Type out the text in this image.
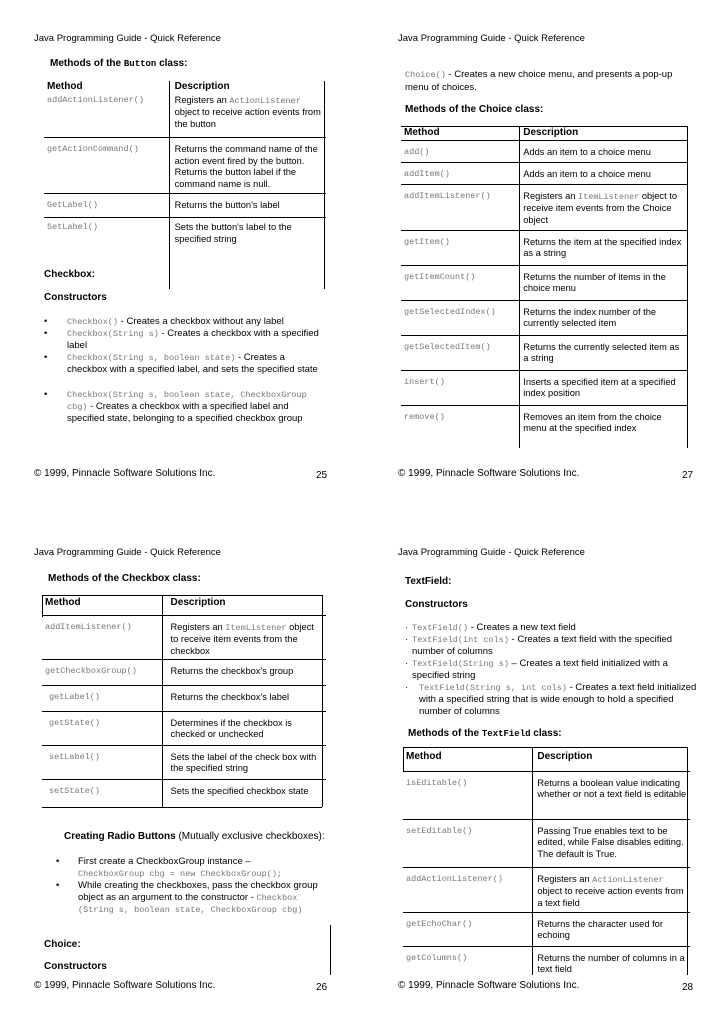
Java Programming Guide - Quick Reference
Methods of the Button class:
Method	Description
addActionListener()	Registers an ActionListener object to receive action events from the button
getActionCommand()	Returns the command name of the action event fired by the button. Returns the button label if the command name is null.
GetLabel()	Returns the button's label
SetLabel()	Sets the button's label to the specified string
Checkbox:
Constructors
• Checkbox() - Creates a checkbox without any label
• Checkbox(String s) - Creates a checkbox with a specified label
• Checkbox(String s, boolean state) - Creates a checkbox with a specified label, and sets the specified state
• Checkbox(String s, boolean state, CheckboxGroup cbg) - Creates a checkbox with a specified label and specified state, belonging to a specified checkbox group
© 1999, Pinnacle Software Solutions Inc.	25
Java Programming Guide - Quick Reference
Choice() - Creates a new choice menu, and presents a pop-up menu of choices.
Methods of the Choice class:
Method	Description
add()	Adds an item to a choice menu
addItem()	Adds an item to a choice menu
addItemListener()	Registers an ItemListener object to receive item events from the Choice object
getItem()	Returns the item at the specified index as a string
getItemCount()	Returns the number of items in the choice menu
getSelectedIndex()	Returns the index number of the currently selected item
getSelectedItem()	Returns the currently selected item as a string
insert()	Inserts a specified item at a specified index position
remove()	Removes an item from the choice menu at the specified index
© 1999, Pinnacle Software Solutions Inc.	27
Java Programming Guide - Quick Reference
Methods of the Checkbox class:
Method	Description
addItemListener()	Registers an ItemListener object to receive item events from the checkbox
getCheckboxGroup()	Returns the checkbox's group
getLabel()	Returns the checkbox's label
getState()	Determines if the checkbox is checked or unchecked
setLabel()	Sets the label of the check box with the specified string
setState()	Sets the specified checkbox state
Creating Radio Buttons (Mutually exclusive checkboxes):
• First create a CheckboxGroup instance –
CheckboxGroup cbg = new CheckboxGroup();
• While creating the checkboxes, pass the checkbox group object as an argument to the constructor - Checkbox (String s, boolean state, CheckboxGroup cbg)
Choice:
Constructors
© 1999, Pinnacle Software Solutions Inc.	26
Java Programming Guide - Quick Reference
TextField:
Constructors
· TextField() - Creates a new text field
· TextField(int cols) - Creates a text field with the specified number of columns
· TextField(String s) – Creates a text field initialized with a specified string
· TextField(String s, int cols) - Creates a text field initialized with a specified string that is wide enough to hold a specified number of columns
Methods of the TextField class:
Method	Description
isEditable()	Returns a boolean value indicating whether or not a text field is editable
setEditable()	Passing True enables text to be edited, while False disables editing. The default is True.
addActionListener()	Registers an ActionListener object to receive action events from a text field
getEchoChar()	Returns the character used for echoing
getColumns()	Returns the number of columns in a text field
© 1999, Pinnacle Software Solutions Inc.	28
